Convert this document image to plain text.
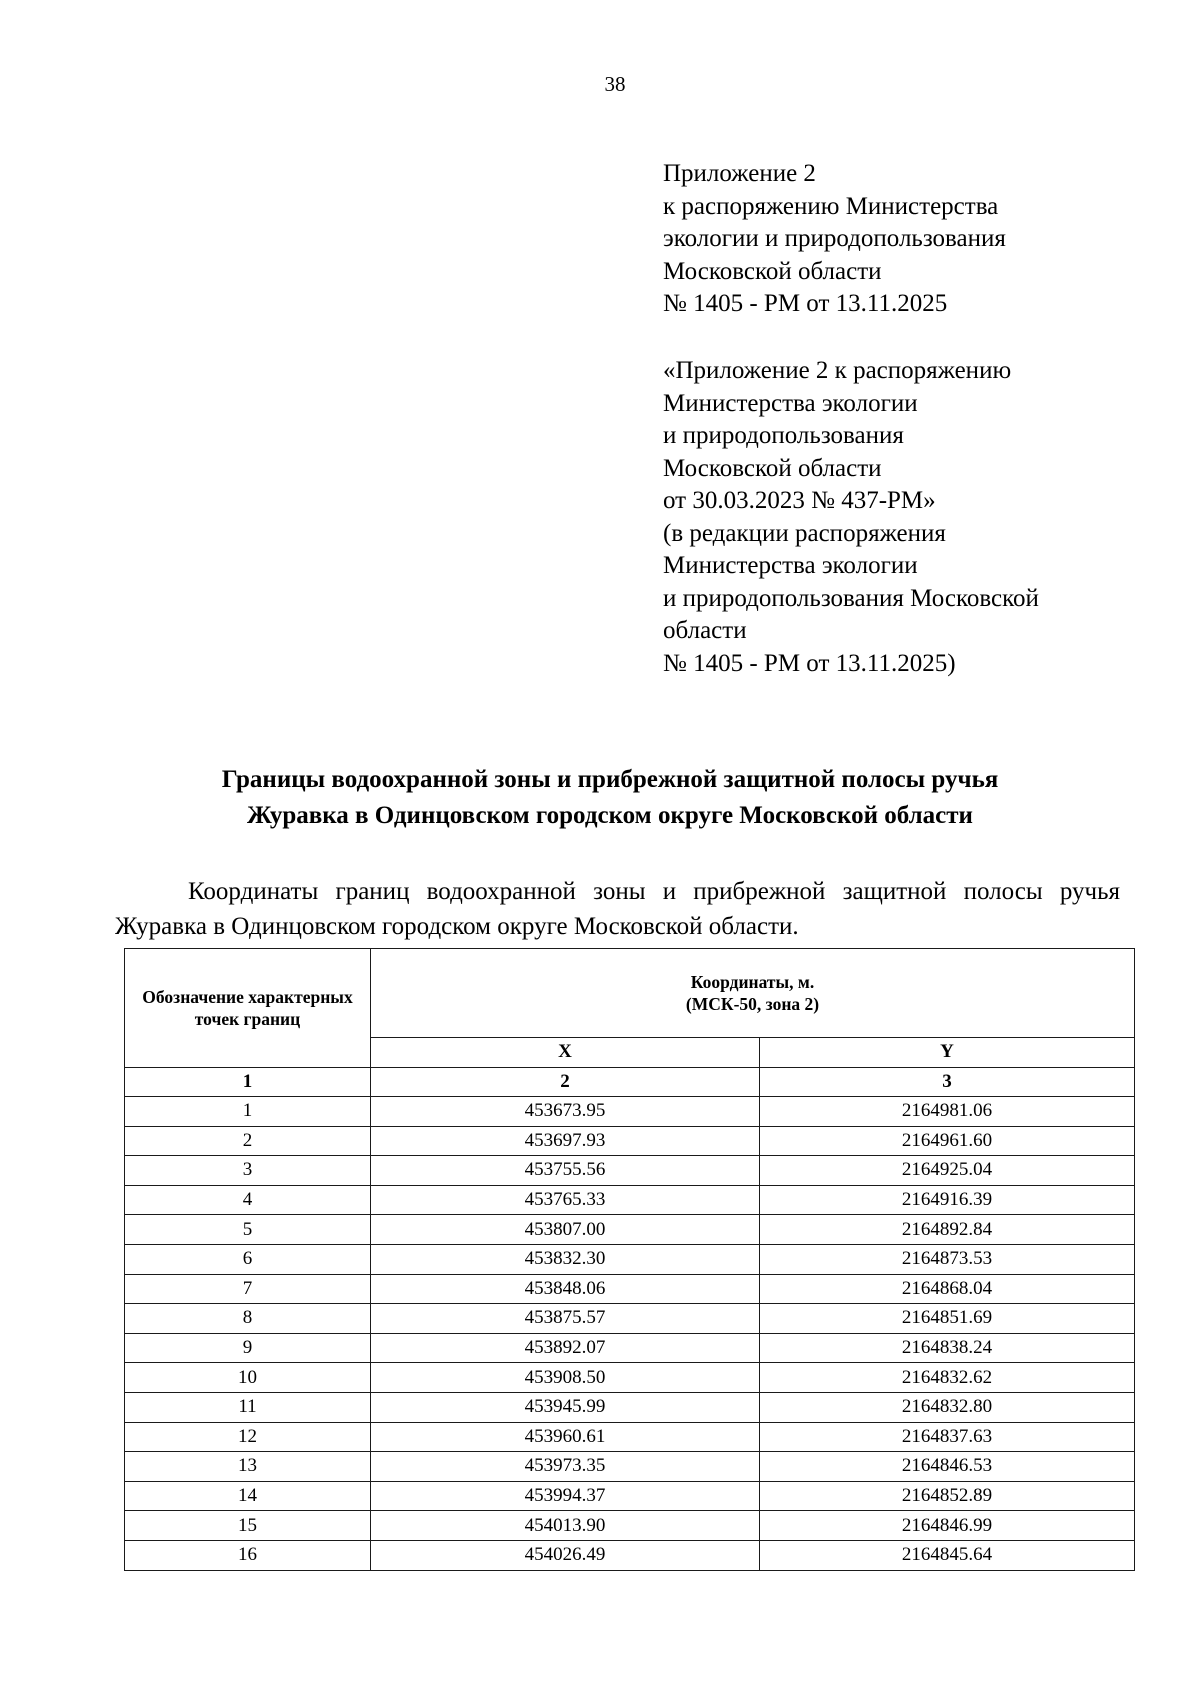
38
Приложение 2
к распоряжению Министерства
экологии и природопользования
Московской области
№ 1405 - РМ от 13.11.2025
«Приложение 2 к распоряжению
Министерства экологии
и природопользования
Московской области
от 30.03.2023 № 437-РМ»
(в редакции распоряжения
Министерства экологии
и природопользования Московской
области
№ 1405 - РМ от 13.11.2025)
Границы водоохранной зоны и прибрежной защитной полосы ручья
Журавка в Одинцовском городском округе Московской области
Координаты границ водоохранной зоны и прибрежной защитной полосы ручья Журавка в Одинцовском городском округе Московской области.
Обозначение характерных точек границ	Координаты, м.
(МСК-50, зона 2)	

	X	Y
1	2	3
1	453673.95	2164981.06
2	453697.93	2164961.60
3	453755.56	2164925.04
4	453765.33	2164916.39
5	453807.00	2164892.84
6	453832.30	2164873.53
7	453848.06	2164868.04
8	453875.57	2164851.69
9	453892.07	2164838.24
10	453908.50	2164832.62
11	453945.99	2164832.80
12	453960.61	2164837.63
13	453973.35	2164846.53
14	453994.37	2164852.89
15	454013.90	2164846.99
16	454026.49	2164845.64
